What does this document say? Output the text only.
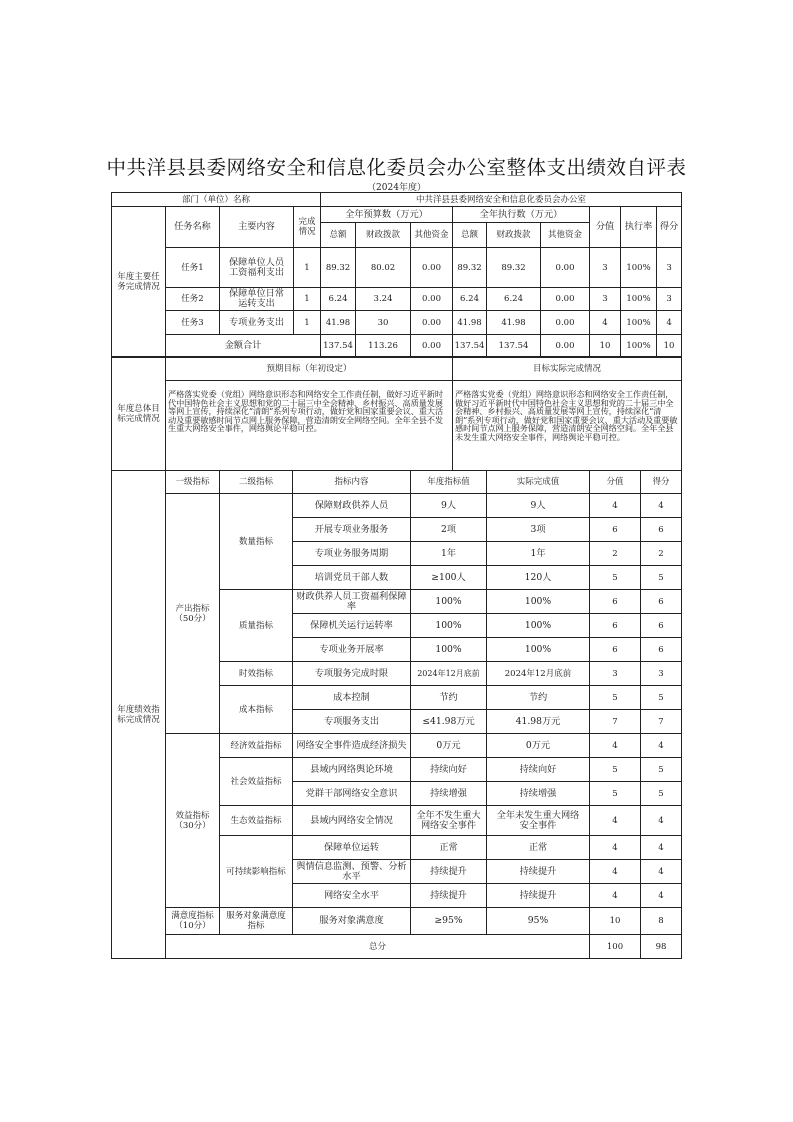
中共洋县县委网络安全和信息化委员会办公室整体支出绩效自评表
（2024年度）
部门（单位）名称				中共洋县县委网络安全和信息化委员会办公室								
年度主要任务完成情况	任务名称	主要内容	完成情况	全年预算数（万元）			全年执行数（万元）			分值	执行率	得分
				总额	财政拨款	其他资金	总额	财政拨款	其他资金			
	任务1	保障单位人员工资福利支出	1	89.32	80.02	0.00	89.32	89.32	0.00	3	100%	3
	任务2	保障单位日常运转支出	1	6.24	3.24	0.00	6.24	6.24	0.00	3	100%	3
	任务3	专项业务支出	1	41.98	30	0.00	41.98	41.98	0.00	4	100%	4
	金额合计			137.54	113.26	0.00	137.54	137.54	0.00	10	100%	10
年度总体目标完成情况	预期目标（年初设定）	目标实际完成情况
	严格落实党委（党组）网络意识形态和网络安全工作责任制，做好习近平新时代中国特色社会主义思想和党的二十届三中全会精神、乡村振兴、高质量发展等网上宣传，持续深化“清朗”系列专项行动，做好党和国家重要会议、重大活动及重要敏感时间节点网上服务保障，营造清朗安全网络空间。全年全县不发生重大网络安全事件，网络舆论平稳可控。	严格落实党委（党组）网络意识形态和网络安全工作责任制，做好习近平新时代中国特色社会主义思想和党的二十届三中全会精神、乡村振兴、高质量发展等网上宣传，持续深化“清朗”系列专项行动，做好党和国家重要会议、重大活动及重要敏感时间节点网上服务保障，营造清朗安全网络空间。全年全县未发生重大网络安全事件，网络舆论平稳可控。
年度绩效指标完成情况	一级指标	二级指标	指标内容	年度指标值	实际完成值	分值	得分
	产出指标（50分）	数量指标	保障财政供养人员	9人	9人	4	4
			开展专项业务服务	2项	3项	6	6
			专项业务服务周期	1年	1年	2	2
			培训党员干部人数	≥100人	120人	5	5
		质量指标	财政供养人员工资福利保障率	100%	100%	6	6
			保障机关运行运转率	100%	100%	6	6
			专项业务开展率	100%	100%	6	6
		时效指标	专项服务完成时限	2024年12月底前	2024年12月底前	3	3
		成本指标	成本控制	节约	节约	5	5
			专项服务支出	≤41.98万元	41.98万元	7	7
	效益指标（30分）	经济效益指标	网络安全事件造成经济损失	0万元	0万元	4	4
		社会效益指标	县域内网络舆论环境	持续向好	持续向好	5	5
			党群干部网络安全意识	持续增强	持续增强	5	5
		生态效益指标	县域内网络安全情况	全年不发生重大网络安全事件	全年未发生重大网络安全事件	4	4
		可持续影响指标	保障单位运转	正常	正常	4	4
			舆情信息监测、预警、分析水平	持续提升	持续提升	4	4
			网络安全水平	持续提升	持续提升	4	4
	满意度指标（10分）	服务对象满意度指标	服务对象满意度	≥95%	95%	10	8
	总分					100	98
